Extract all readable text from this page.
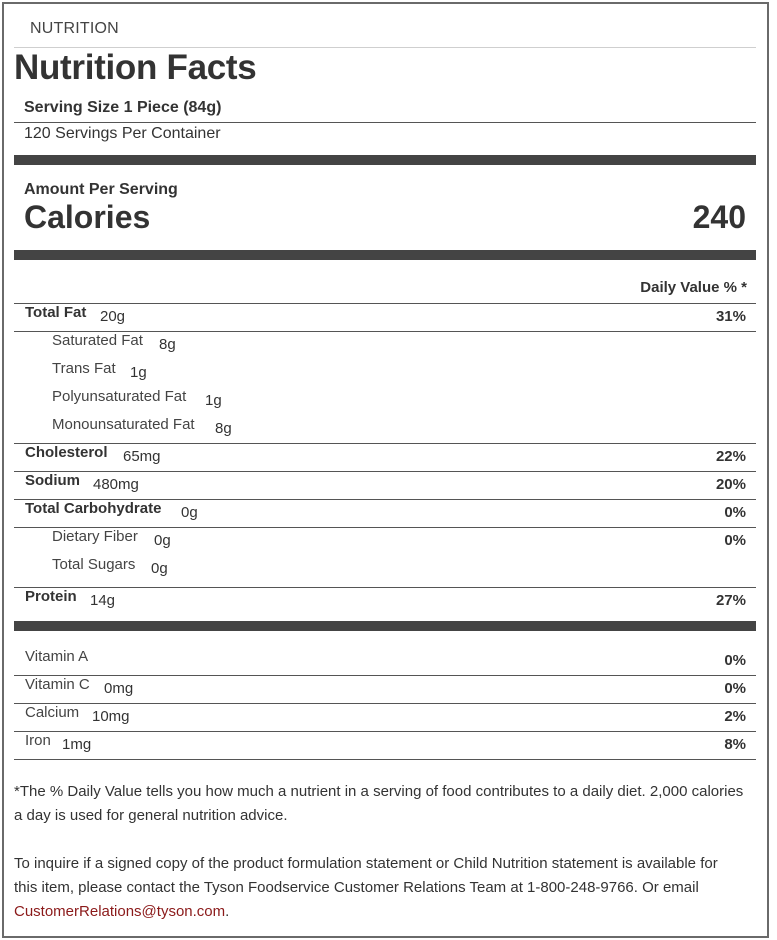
NUTRITION
Nutrition Facts
Serving Size 1 Piece (84g)
120 Servings Per Container
Amount Per Serving
Calories	240
Daily Value % *
Total Fat 20g	31%
Saturated Fat 8g
Trans Fat 1g
Polyunsaturated Fat 1g
Monounsaturated Fat 8g
Cholesterol 65mg	22%
Sodium 480mg	20%
Total Carbohydrate 0g	0%
Dietary Fiber 0g	0%
Total Sugars 0g
Protein 14g	27%
Vitamin A	0%
Vitamin C 0mg	0%
Calcium 10mg	2%
Iron 1mg	8%
*The % Daily Value tells you how much a nutrient in a serving of food contributes to a daily diet. 2,000 calories a day is used for general nutrition advice.
To inquire if a signed copy of the product formulation statement or Child Nutrition statement is available for this item, please contact the Tyson Foodservice Customer Relations Team at 1-800-248-9766. Or email CustomerRelations@tyson.com.
